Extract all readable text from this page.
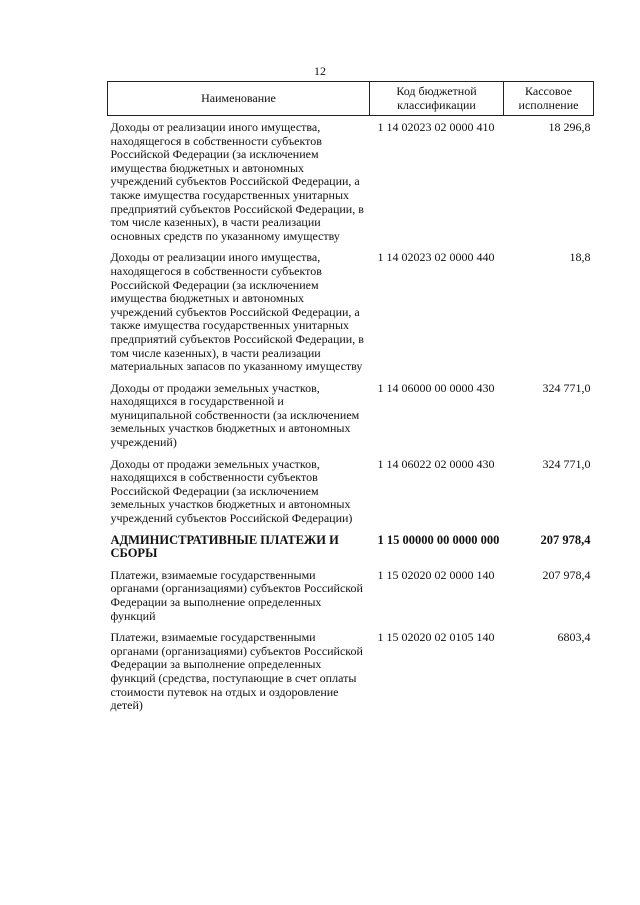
12
Наименование	Код бюджетной классификации	Кассовое исполнение
Доходы от реализации иного имущества, находящегося в собственности субъектов Российской Федерации (за исключением имущества бюджетных и автономных учреждений субъектов Российской Федерации, а также имущества государственных унитарных предприятий субъектов Российской Федерации, в том числе казенных), в части реализации основных средств по указанному имуществу	1 14 02023 02 0000 410	18 296,8
Доходы от реализации иного имущества, находящегося в собственности субъектов Российской Федерации (за исключением имущества бюджетных и автономных учреждений субъектов Российской Федерации, а также имущества государственных унитарных предприятий субъектов Российской Федерации, в том числе казенных), в части реализации материальных запасов по указанному имуществу	1 14 02023 02 0000 440	18,8
Доходы от продажи земельных участков, находящихся в государственной и муниципальной собственности (за исключением земельных участков бюджетных и автономных учреждений)	1 14 06000 00 0000 430	324 771,0
Доходы от продажи земельных участков, находящихся в собственности субъектов Российской Федерации (за исключением земельных участков бюджетных и автономных учреждений субъектов Российской Федерации)	1 14 06022 02 0000 430	324 771,0
АДМИНИСТРАТИВНЫЕ ПЛАТЕЖИ И СБОРЫ	1 15 00000 00 0000 000	207 978,4
Платежи, взимаемые государственными органами (организациями) субъектов Российской Федерации за выполнение определенных функций	1 15 02020 02 0000 140	207 978,4
Платежи, взимаемые государственными органами (организациями) субъектов Российской Федерации за выполнение определенных функций (средства, поступающие в счет оплаты стоимости путевок на отдых и оздоровление детей)	1 15 02020 02 0105 140	6803,4
